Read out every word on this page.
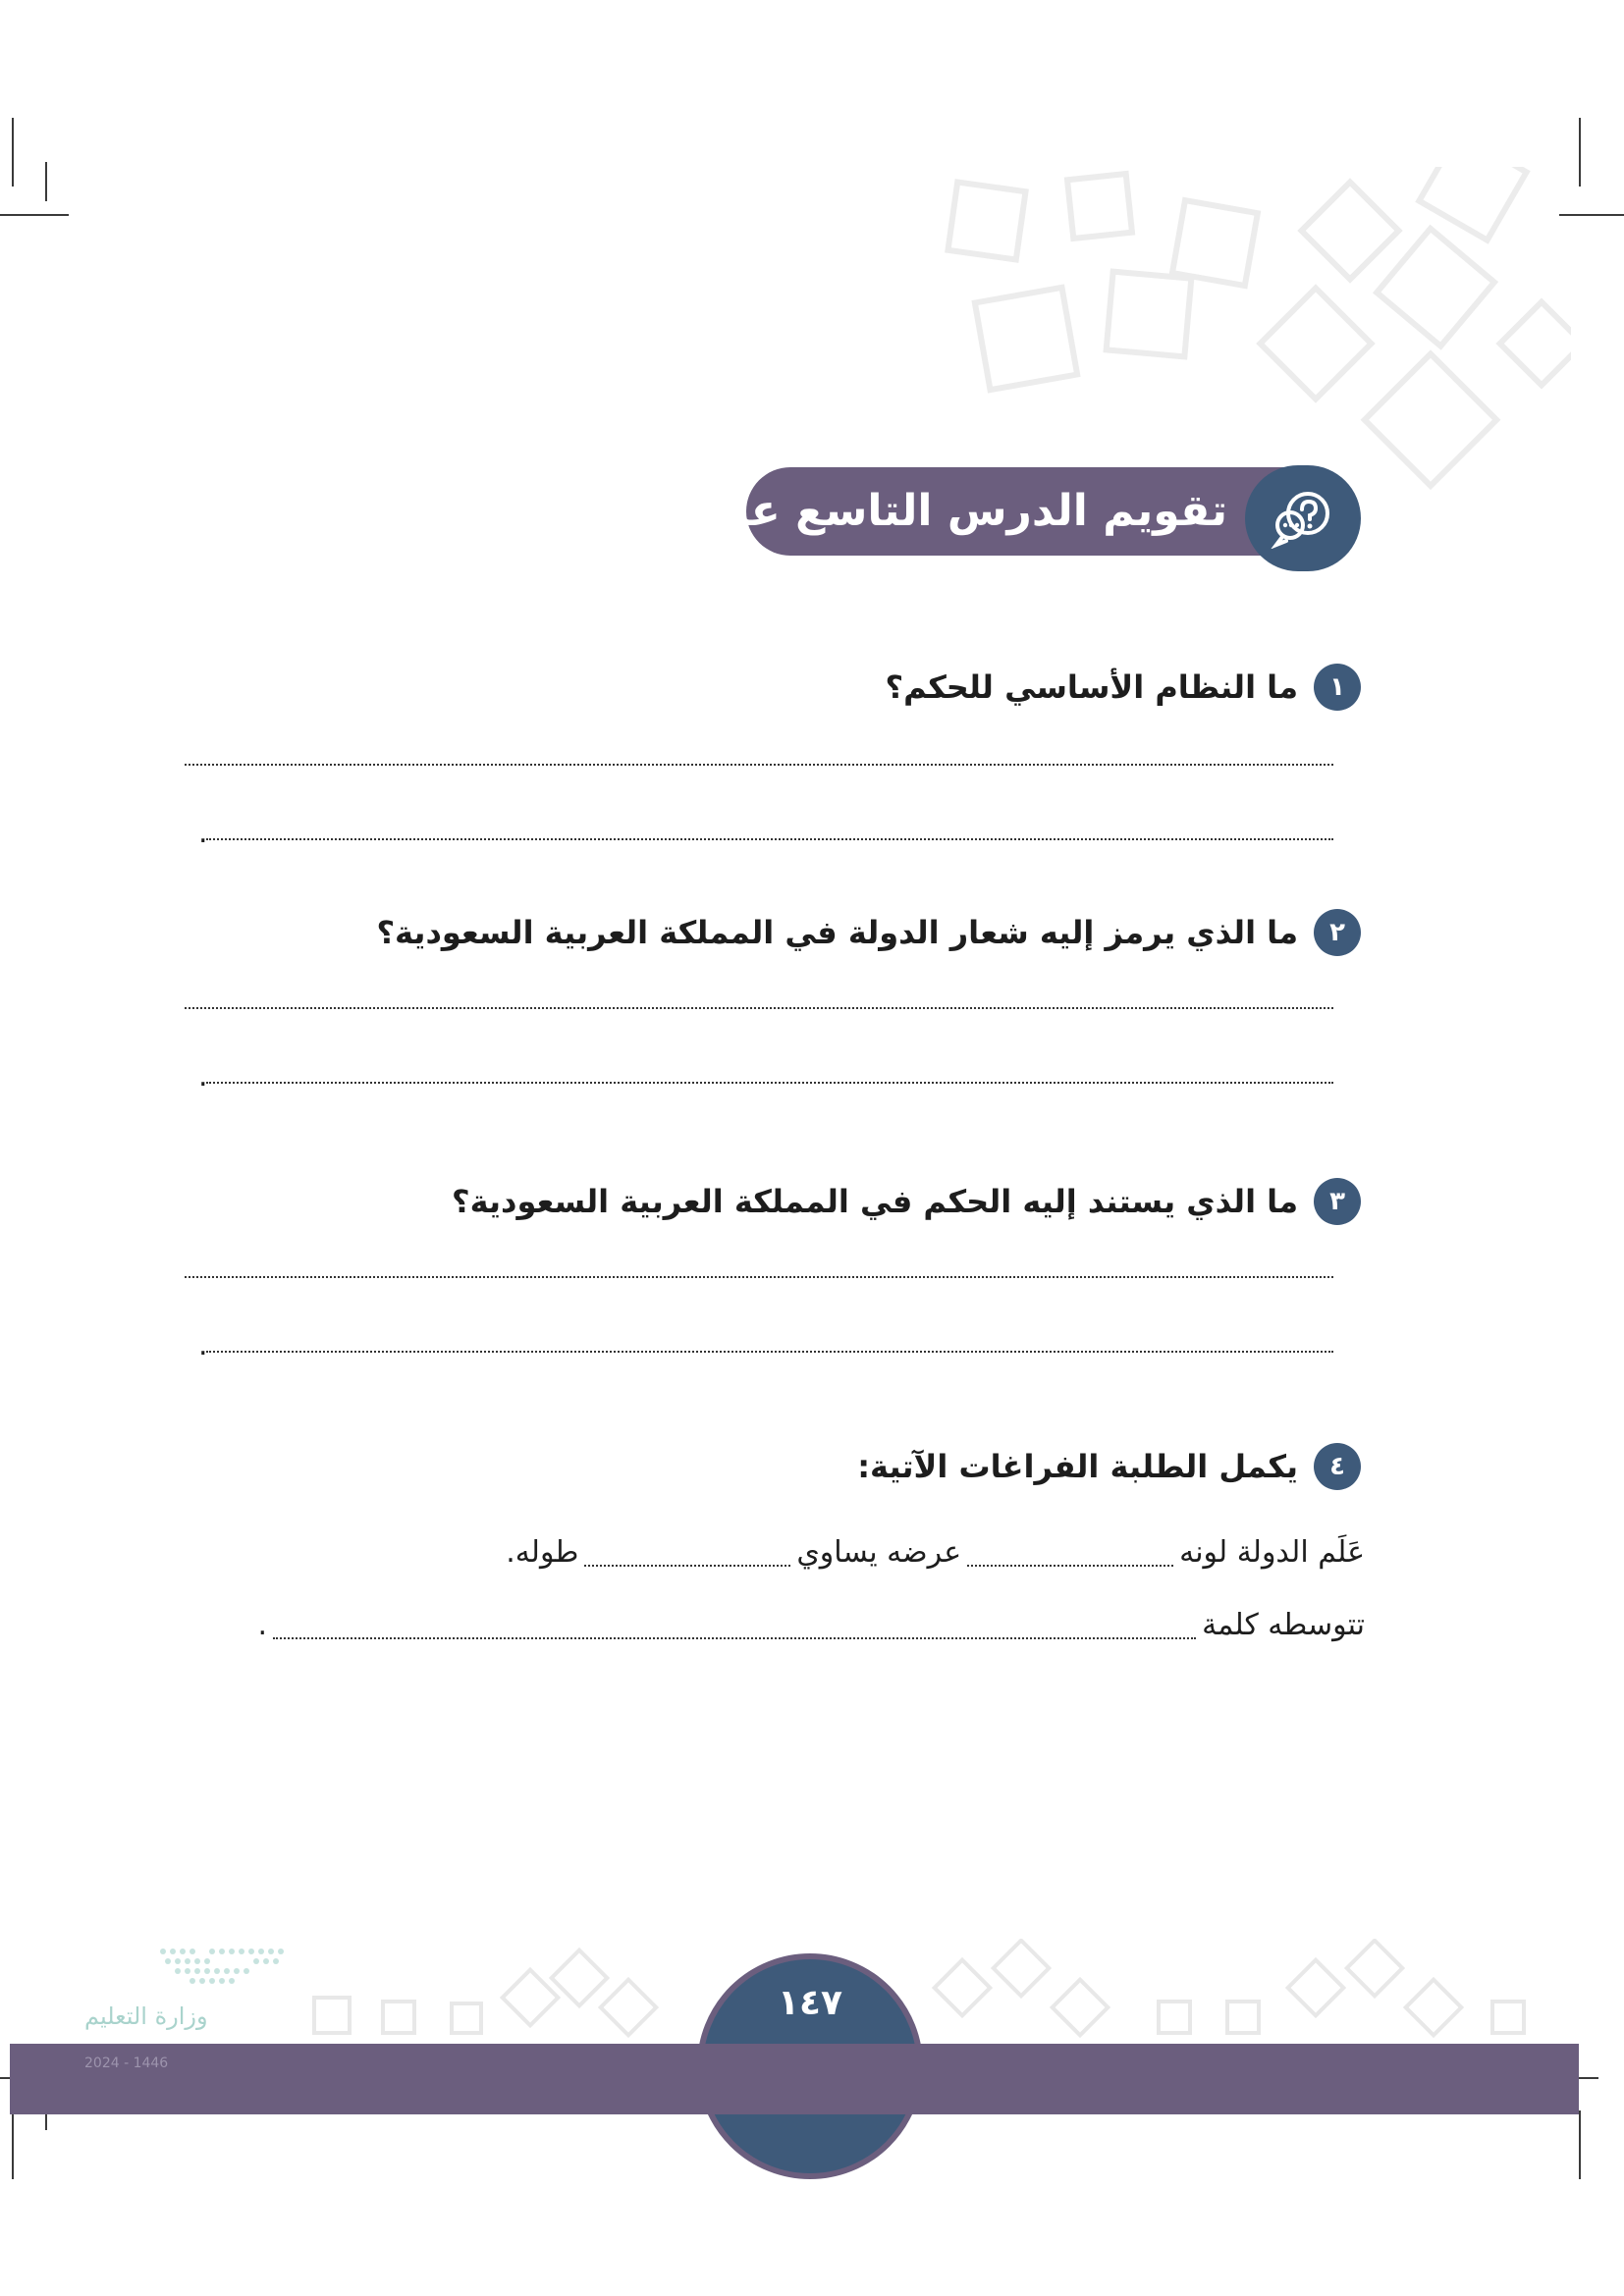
تقويم الدرس التاسع عشر
١
ما النظام الأساسي للحكم؟
.
٢
ما الذي يرمز إليه شعار الدولة في المملكة العربية السعودية؟
.
٣
ما الذي يستند إليه الحكم في المملكة العربية السعودية؟
.
٤
يكمل الطلبة الفراغات الآتية:
عَلَم الدولة لونه
عرضه يساوي
طوله.
تتوسطه كلمة
.
وزارة التعليم	١٤٧
2024 - 1446
